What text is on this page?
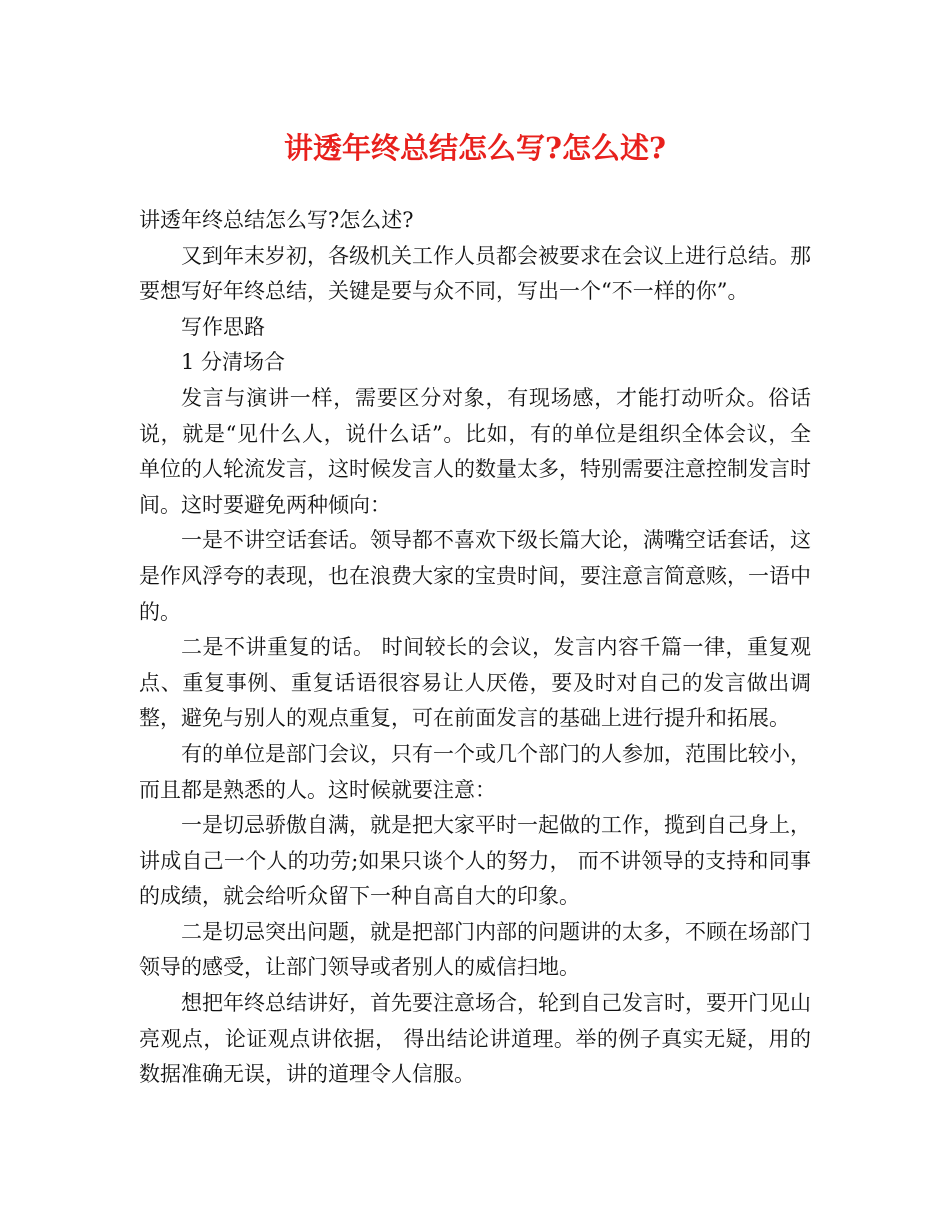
讲透年终总结怎么写?怎么述?

讲透年终总结怎么写?怎么述?

又到年末岁初，各级机关工作人员都会被要求在会议上进行总结。那要想写好年终总结，关键是要与众不同，写出一个“不一样的你”。

写作思路

1 分清场合

发言与演讲一样，需要区分对象，有现场感，才能打动听众。俗话说，就是“见什么人，说什么话”。比如，有的单位是组织全体会议，全单位的人轮流发言，这时候发言人的数量太多，特别需要注意控制发言时间。这时要避免两种倾向：

一是不讲空话套话。领导都不喜欢下级长篇大论，满嘴空话套话，这是作风浮夸的表现，也在浪费大家的宝贵时间，要注意言简意赅，一语中的。

二是不讲重复的话。 时间较长的会议，发言内容千篇一律，重复观点、重复事例、重复话语很容易让人厌倦，要及时对自己的发言做出调整，避免与别人的观点重复，可在前面发言的基础上进行提升和拓展。

有的单位是部门会议，只有一个或几个部门的人参加，范围比较小，而且都是熟悉的人。这时候就要注意：

一是切忌骄傲自满，就是把大家平时一起做的工作，揽到自己身上，讲成自己一个人的功劳;如果只谈个人的努力， 而不讲领导的支持和同事的成绩，就会给听众留下一种自高自大的印象。

二是切忌突出问题，就是把部门内部的问题讲的太多，不顾在场部门领导的感受，让部门领导或者别人的威信扫地。

想把年终总结讲好，首先要注意场合，轮到自己发言时，要开门见山亮观点，论证观点讲依据， 得出结论讲道理。举的例子真实无疑，用的数据准确无误，讲的道理令人信服。
